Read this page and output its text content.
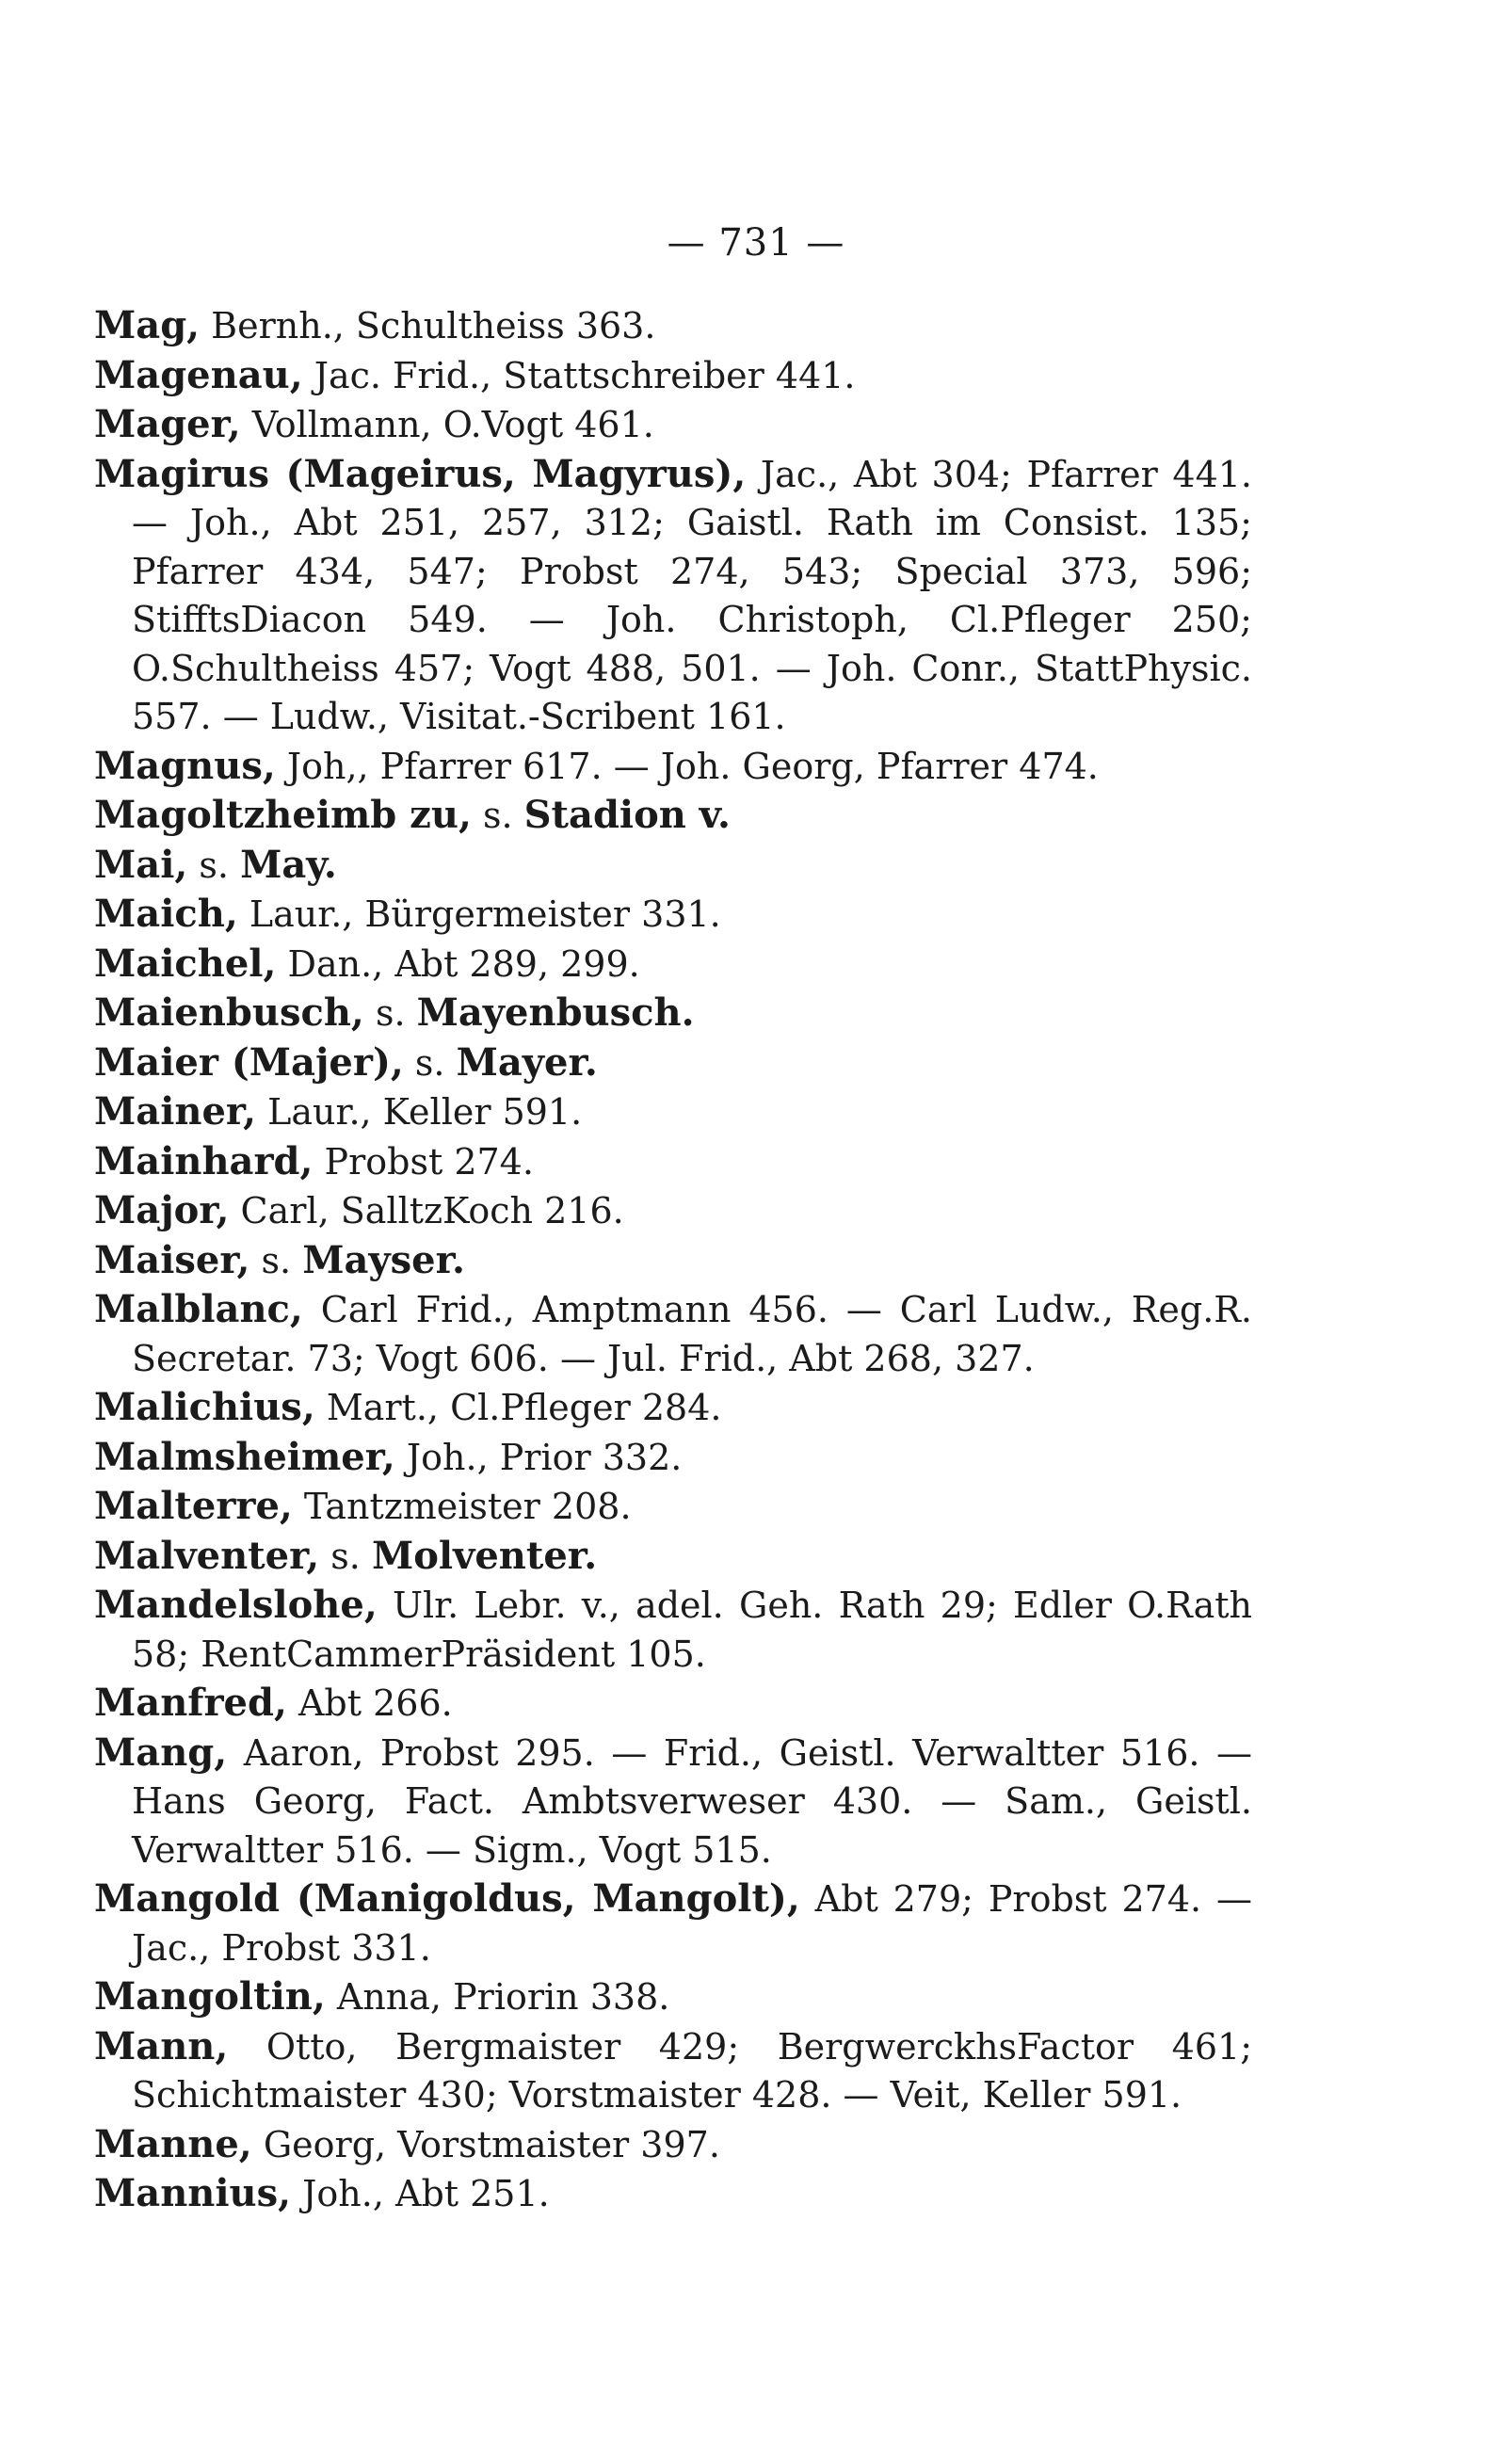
— 731 —

Mag, Bernh., Schultheiss 363.

Magenau, Jac. Frid., Stattschreiber 441.

Mager, Vollmann, O.Vogt 461.

Magirus (Mageirus, Magyrus), Jac., Abt 304; Pfarrer 441. — Joh., Abt 251, 257, 312; Gaistl. Rath im Consist. 135; Pfarrer 434, 547; Probst 274, 543; Special 373, 596; StifftsDiacon 549. — Joh. Christoph, Cl.Pfleger 250; O.Schultheiss 457; Vogt 488, 501. — Joh. Conr., StattPhysic. 557. — Ludw., Visitat.-Scribent 161.

Magnus, Joh,, Pfarrer 617. — Joh. Georg, Pfarrer 474.

Magoltzheimb zu, s. Stadion v.

Mai, s. May.

Maich, Laur., Bürgermeister 331.

Maichel, Dan., Abt 289, 299.

Maienbusch, s. Mayenbusch.

Maier (Majer), s. Mayer.

Mainer, Laur., Keller 591.

Mainhard, Probst 274.

Major, Carl, SalltzKoch 216.

Maiser, s. Mayser.

Malblanc, Carl Frid., Amptmann 456. — Carl Ludw., Reg.R. Secretar. 73; Vogt 606. — Jul. Frid., Abt 268, 327.

Malichius, Mart., Cl.Pfleger 284.

Malmsheimer, Joh., Prior 332.

Malterre, Tantzmeister 208.

Malventer, s. Molventer.

Mandelslohe, Ulr. Lebr. v., adel. Geh. Rath 29; Edler O.Rath 58; RentCammerPräsident 105.

Manfred, Abt 266.

Mang, Aaron, Probst 295. — Frid., Geistl. Verwaltter 516. — Hans Georg, Fact. Ambtsverweser 430. — Sam., Geistl. Verwaltter 516. — Sigm., Vogt 515.

Mangold (Manigoldus, Mangolt), Abt 279; Probst 274. — Jac., Probst 331.

Mangoltin, Anna, Priorin 338.

Mann, Otto, Bergmaister 429; BergwerckhsFactor 461; Schichtmaister 430; Vorstmaister 428. — Veit, Keller 591.

Manne, Georg, Vorstmaister 397.

Mannius, Joh., Abt 251.
